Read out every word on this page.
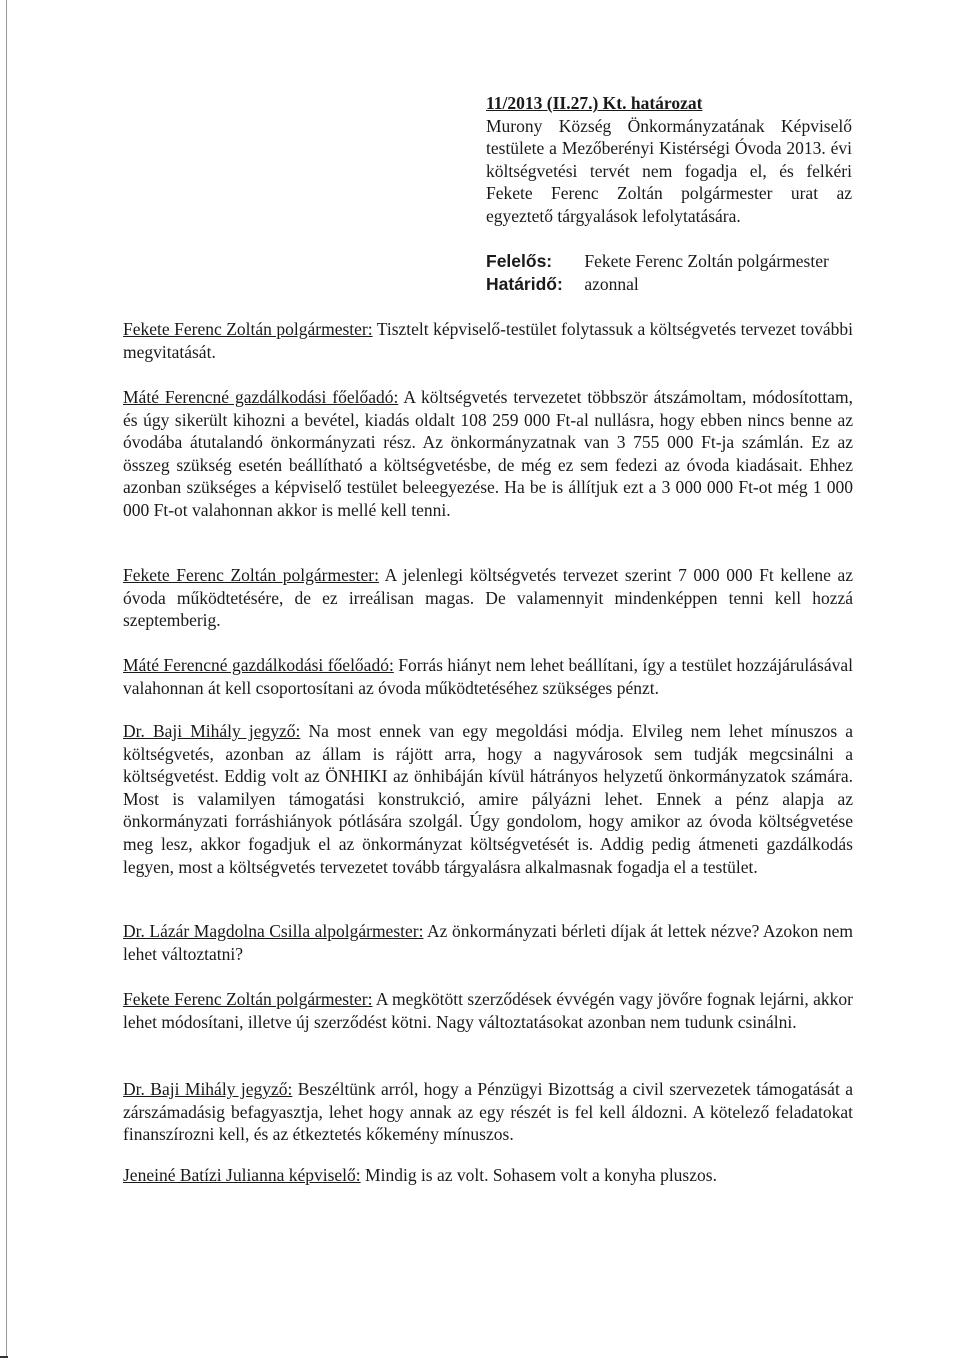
11/2013 (II.27.) Kt. határozat
Murony Község Önkormányzatának Képviselő testülete a Mezőberényi Kistérségi Óvoda 2013. évi költségvetési tervét nem fogadja el, és felkéri Fekete Ferenc Zoltán polgármester urat az egyeztető tárgyalások lefolytatására.
Felelős: Fekete Ferenc Zoltán polgármester
Határidő: azonnal
Fekete Ferenc Zoltán polgármester: Tisztelt képviselő-testület folytassuk a költségvetés tervezet további megvitatását.
Máté Ferencné gazdálkodási főelőadó: A költségvetés tervezetet többször átszámoltam, módosítottam, és úgy sikerült kihozni a bevétel, kiadás oldalt 108 259 000 Ft-al nullásra, hogy ebben nincs benne az óvodába átutalandó önkormányzati rész. Az önkormányzatnak van 3 755 000 Ft-ja számlán. Ez az összeg szükség esetén beállítható a költségvetésbe, de még ez sem fedezi az óvoda kiadásait. Ehhez azonban szükséges a képviselő testület beleegyezése. Ha be is állítjuk ezt a 3 000 000 Ft-ot még 1 000 000 Ft-ot valahonnan akkor is mellé kell tenni.
Fekete Ferenc Zoltán polgármester: A jelenlegi költségvetés tervezet szerint 7 000 000 Ft kellene az óvoda működtetésére, de ez irreálisan magas. De valamennyit mindenképpen tenni kell hozzá szeptemberig.
Máté Ferencné gazdálkodási főelőadó: Forrás hiányt nem lehet beállítani, így a testület hozzájárulásával valahonnan át kell csoportosítani az óvoda működtetéséhez szükséges pénzt.
Dr. Baji Mihály jegyző: Na most ennek van egy megoldási módja. Elvileg nem lehet mínuszos a költségvetés, azonban az állam is rájött arra, hogy a nagyvárosok sem tudják megcsinálni a költségvetést. Eddig volt az ÖNHIKI az önhibáján kívül hátrányos helyzetű önkormányzatok számára. Most is valamilyen támogatási konstrukció, amire pályázni lehet. Ennek a pénz alapja az önkormányzati forráshiányok pótlására szolgál. Úgy gondolom, hogy amikor az óvoda költségvetése meg lesz, akkor fogadjuk el az önkormányzat költségvetését is. Addig pedig átmeneti gazdálkodás legyen, most a költségvetés tervezetet tovább tárgyalásra alkalmasnak fogadja el a testület.
Dr. Lázár Magdolna Csilla alpolgármester: Az önkormányzati bérleti díjak át lettek nézve? Azokon nem lehet változtatni?
Fekete Ferenc Zoltán polgármester: A megkötött szerződések évvégén vagy jövőre fognak lejárni, akkor lehet módosítani, illetve új szerződést kötni. Nagy változtatásokat azonban nem tudunk csinálni.
Dr. Baji Mihály jegyző: Beszéltünk arról, hogy a Pénzügyi Bizottság a civil szervezetek támogatását a zárszámadásig befagyasztja, lehet hogy annak az egy részét is fel kell áldozni. A kötelező feladatokat finanszírozni kell, és az étkeztetés kőkemény mínuszos.
Jeneiné Batízi Julianna képviselő: Mindig is az volt. Sohasem volt a konyha pluszos.
